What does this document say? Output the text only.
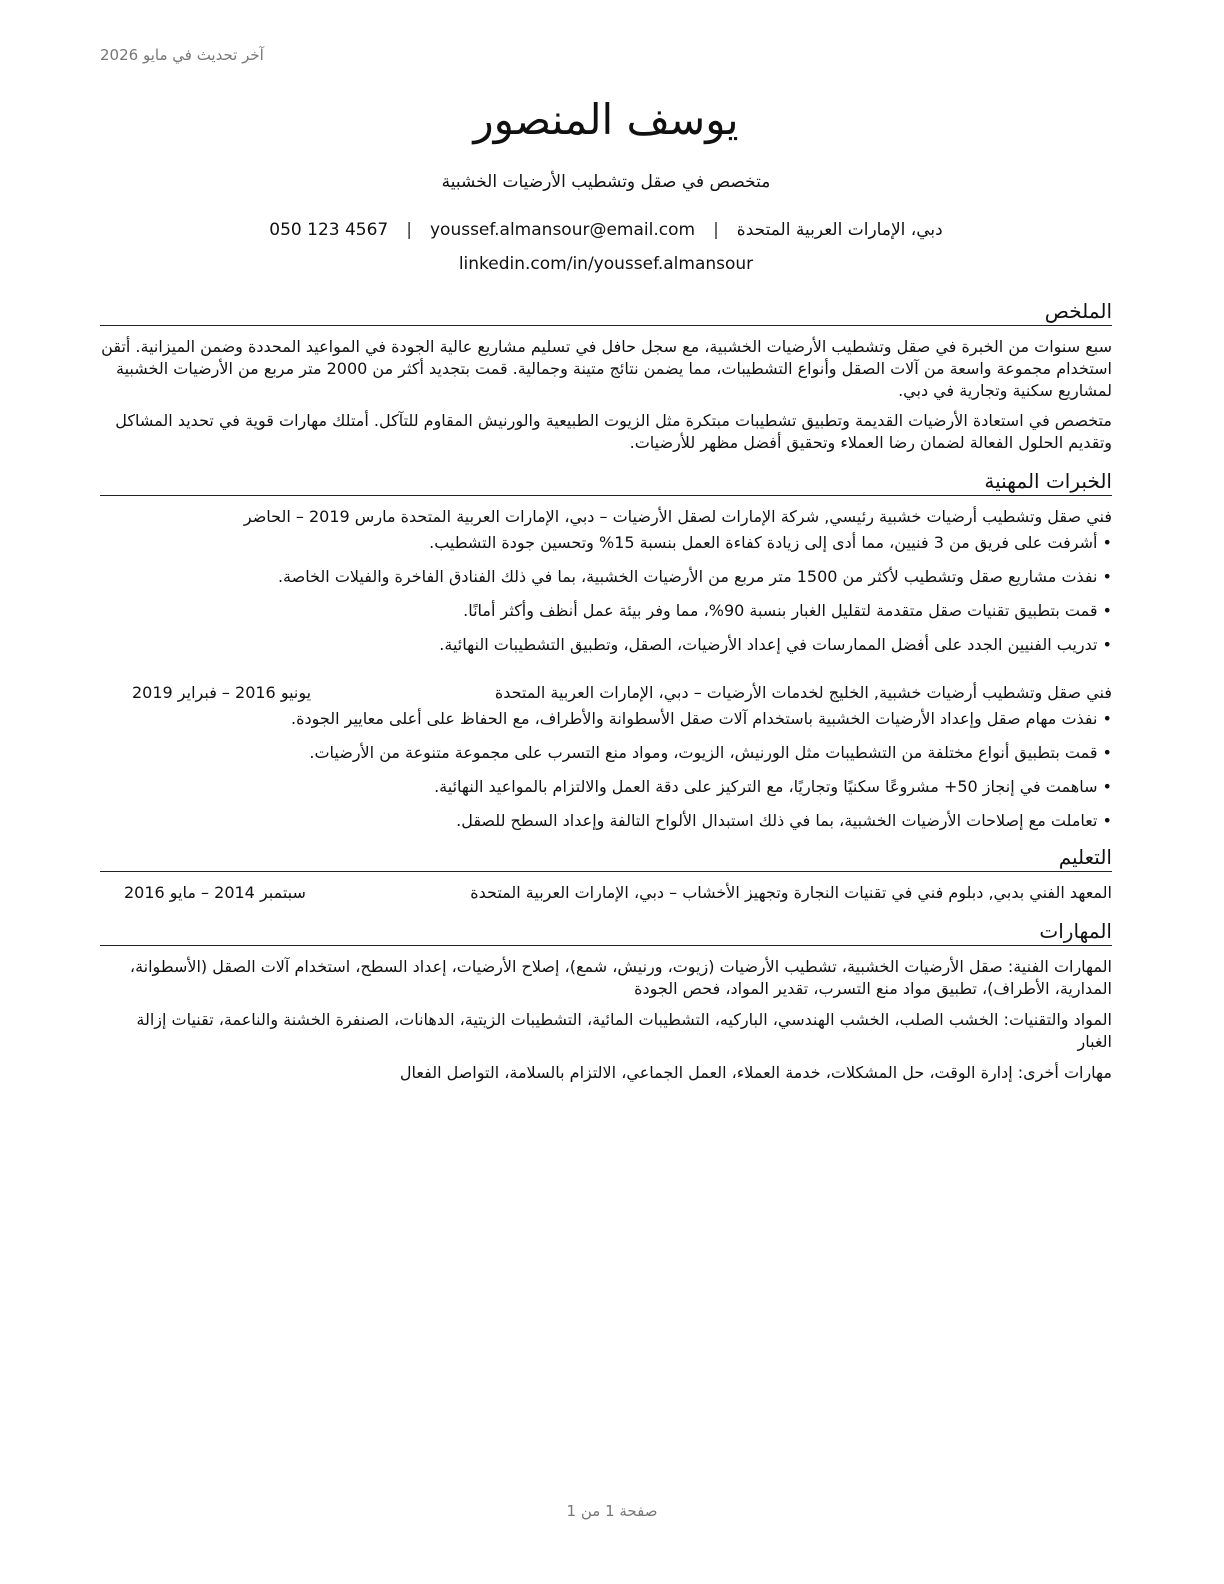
آخر تحديث في مايو 2026
يوسف المنصور
متخصص في صقل وتشطيب الأرضيات الخشبية
دبي، الإمارات العربية المتحدة
|
youssef.almansour@email.com
|
050 123 4567
linkedin.com/in/youssef.almansour
الملخص

سبع سنوات من الخبرة في صقل وتشطيب الأرضيات الخشبية، مع سجل حافل في تسليم مشاريع عالية الجودة في المواعيد المحددة وضمن الميزانية. أتقن استخدام مجموعة واسعة من آلات الصقل وأنواع التشطيبات، مما يضمن نتائج متينة وجمالية. قمت بتجديد أكثر من 2000 متر مربع من الأرضيات الخشبية لمشاريع سكنية وتجارية في دبي.

متخصص في استعادة الأرضيات القديمة وتطبيق تشطيبات مبتكرة مثل الزيوت الطبيعية والورنيش المقاوم للتآكل. أمتلك مهارات قوية في تحديد المشاكل وتقديم الحلول الفعالة لضمان رضا العملاء وتحقيق أفضل مظهر للأرضيات.

الخبرات المهنية
فني صقل وتشطيب أرضيات خشبية رئيسي, شركة الإمارات لصقل الأرضيات – دبي، الإمارات العربية المتحدة مارس 2019 – الحاضر
• أشرفت على فريق من 3 فنيين، مما أدى إلى زيادة كفاءة العمل بنسبة 15% وتحسين جودة التشطيب.
• نفذت مشاريع صقل وتشطيب لأكثر من 1500 متر مربع من الأرضيات الخشبية، بما في ذلك الفنادق الفاخرة والفيلات الخاصة.
• قمت بتطبيق تقنيات صقل متقدمة لتقليل الغبار بنسبة 90%، مما وفر بيئة عمل أنظف وأكثر أمانًا.
• تدريب الفنيين الجدد على أفضل الممارسات في إعداد الأرضيات، الصقل، وتطبيق التشطيبات النهائية.
فني صقل وتشطيب أرضيات خشبية, الخليج لخدمات الأرضيات – دبي، الإمارات العربية المتحدة
يونيو 2016 – فبراير 2019
• نفذت مهام صقل وإعداد الأرضيات الخشبية باستخدام آلات صقل الأسطوانة والأطراف، مع الحفاظ على أعلى معايير الجودة.
• قمت بتطبيق أنواع مختلفة من التشطيبات مثل الورنيش، الزيوت، ومواد منع التسرب على مجموعة متنوعة من الأرضيات.
• ساهمت في إنجاز 50+ مشروعًا سكنيًا وتجاريًا، مع التركيز على دقة العمل والالتزام بالمواعيد النهائية.
• تعاملت مع إصلاحات الأرضيات الخشبية، بما في ذلك استبدال الألواح التالفة وإعداد السطح للصقل.
التعليم
المعهد الفني بدبي, دبلوم فني في تقنيات النجارة وتجهيز الأخشاب – دبي، الإمارات العربية المتحدة
سبتمبر 2014 – مايو 2016
المهارات
المهارات الفنية: صقل الأرضيات الخشبية، تشطيب الأرضيات (زيوت، ورنيش، شمع)، إصلاح الأرضيات، إعداد السطح، استخدام آلات الصقل (الأسطوانة، المدارية، الأطراف)، تطبيق مواد منع التسرب، تقدير المواد، فحص الجودة
المواد والتقنيات: الخشب الصلب، الخشب الهندسي، الباركيه، التشطيبات المائية، التشطيبات الزيتية، الدهانات، الصنفرة الخشنة والناعمة، تقنيات إزالة الغبار
مهارات أخرى: إدارة الوقت، حل المشكلات، خدمة العملاء، العمل الجماعي، الالتزام بالسلامة، التواصل الفعال
صفحة 1 من 1
